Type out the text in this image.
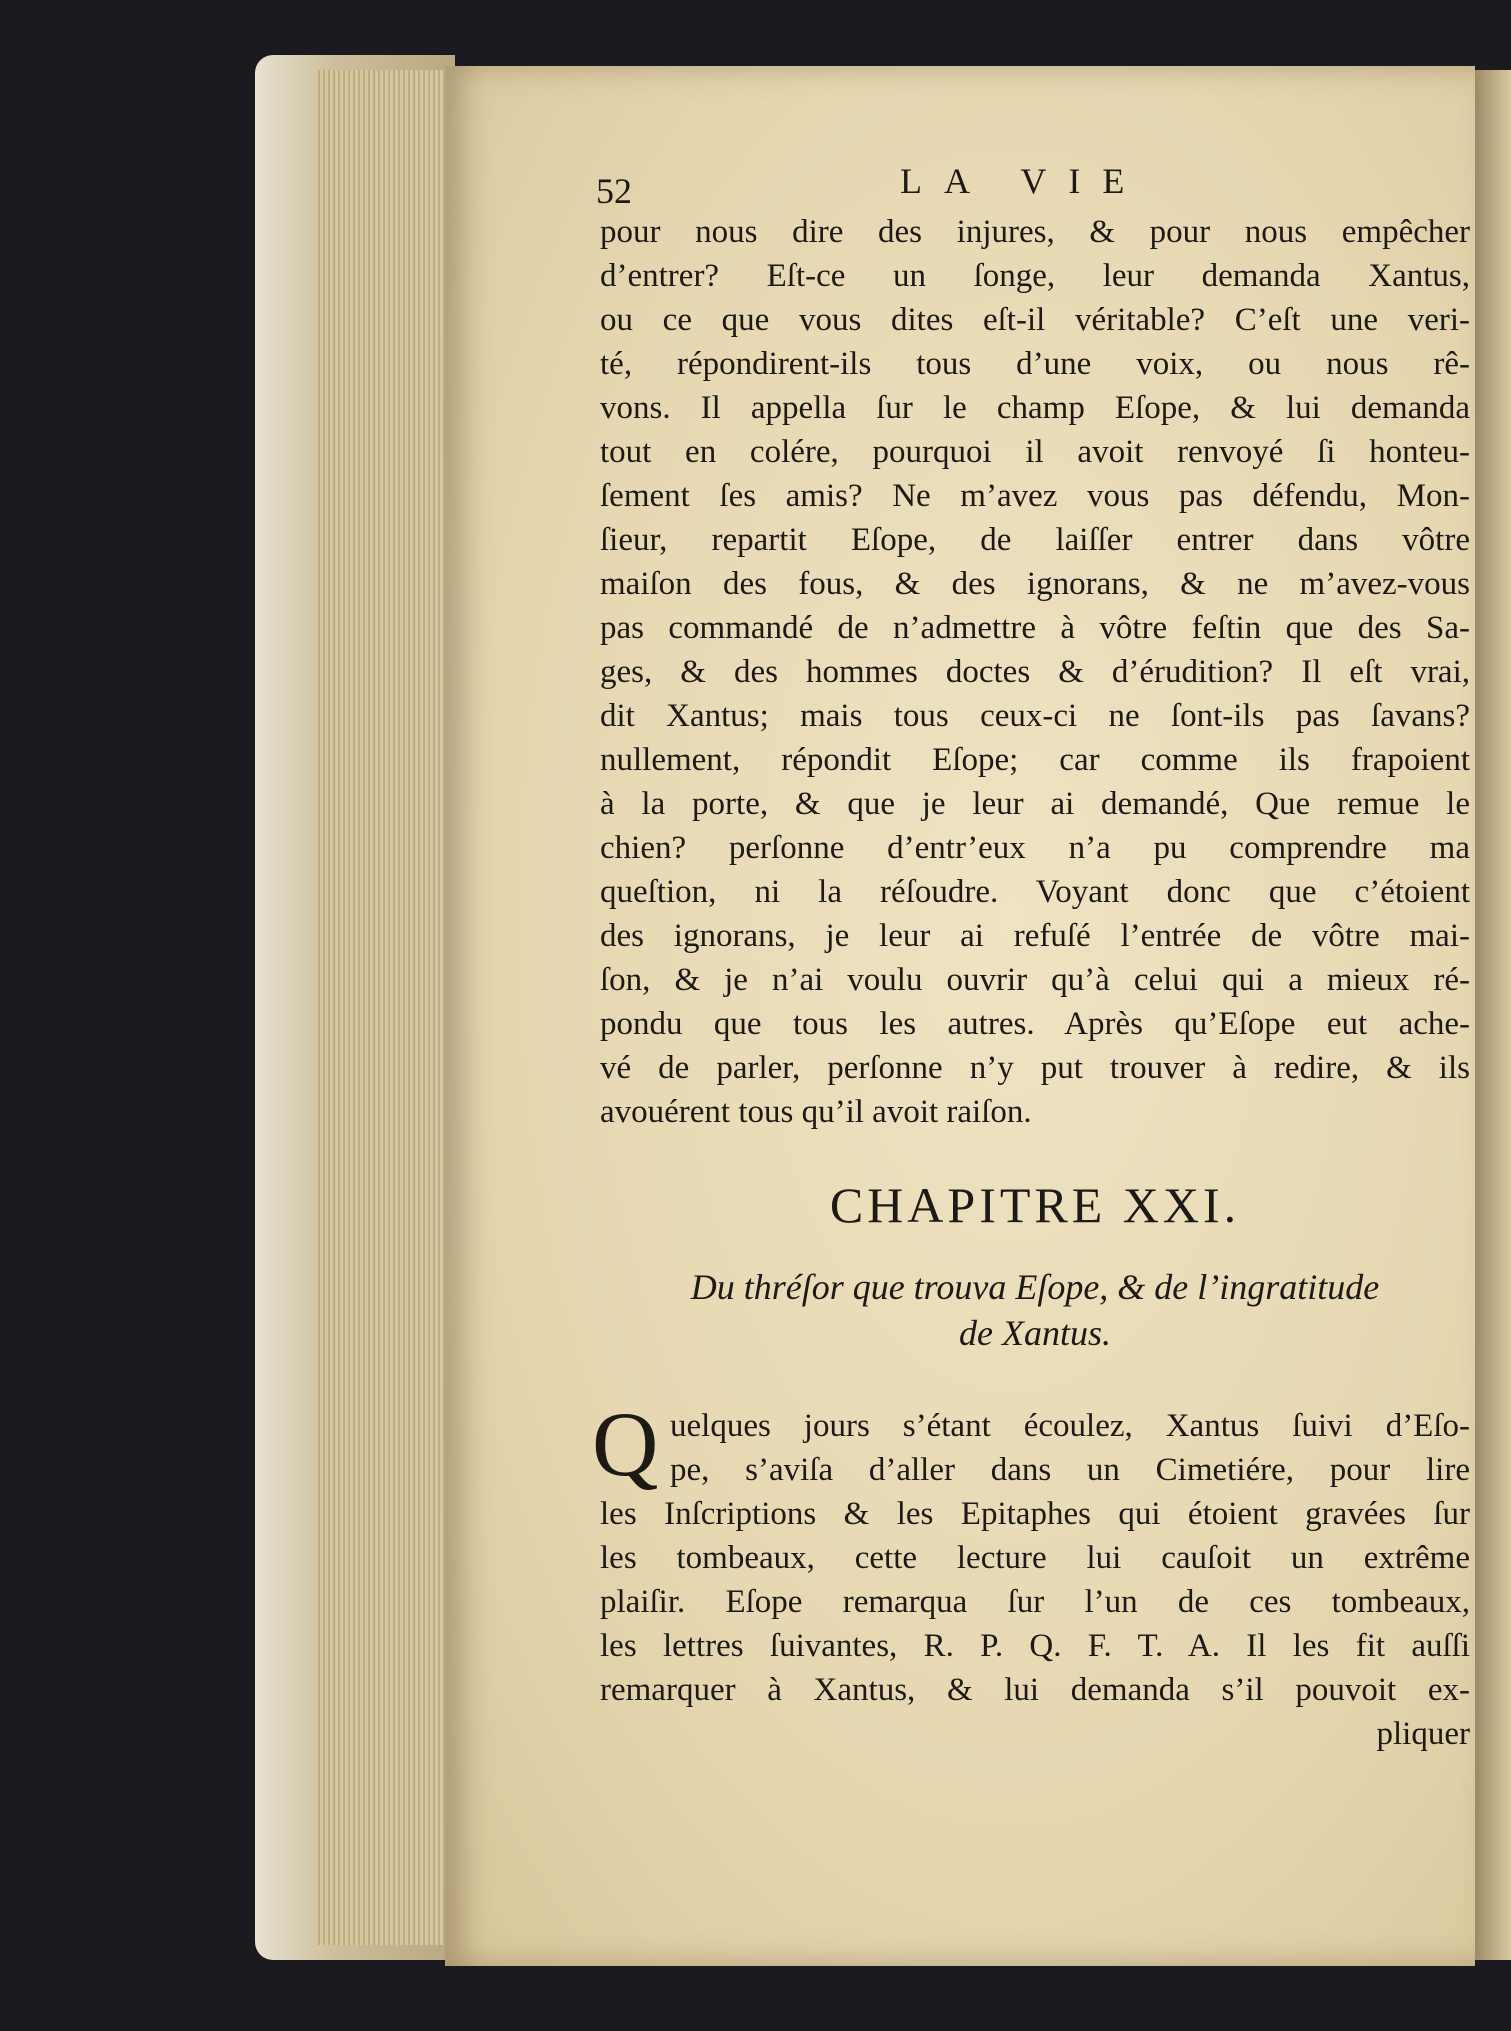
52	LA VIE
pour nous dire des injures, & pour nous empêcher
d’entrer? Eſt-ce un ſonge, leur demanda Xantus,
ou ce que vous dites eſt-il véritable? C’eſt une veri-
té, répondirent-ils tous d’une voix, ou nous rê-
vons. Il appella ſur le champ Eſope, & lui demanda
tout en colére, pourquoi il avoit renvoyé ſi honteu-
ſement ſes amis? Ne m’avez vous pas défendu, Mon-
ſieur, repartit Eſope, de laiſſer entrer dans vôtre
maiſon des fous, & des ignorans, & ne m’avez-vous
pas commandé de n’admettre à vôtre feſtin que des Sa-
ges, & des hommes doctes & d’érudition? Il eſt vrai,
dit Xantus; mais tous ceux-ci ne ſont-ils pas ſavans?
nullement, répondit Eſope; car comme ils frapoient
à la porte, & que je leur ai demandé, Que remue le
chien? perſonne d’entr’eux n’a pu comprendre ma
queſtion, ni la réſoudre. Voyant donc que c’étoient
des ignorans, je leur ai refuſé l’entrée de vôtre mai-
ſon, & je n’ai voulu ouvrir qu’à celui qui a mieux ré-
pondu que tous les autres. Après qu’Eſope eut ache-
vé de parler, perſonne n’y put trouver à redire, & ils
avouérent tous qu’il avoit raiſon.
CHAPITRE XXI.
Du thréſor que trouva Eſope, & de l’ingratitude
de Xantus.
Q uelques jours s’étant écoulez, Xantus ſuivi d’Eſo-
pe, s’aviſa d’aller dans un Cimetiére, pour lire
les Inſcriptions & les Epitaphes qui étoient gravées ſur
les tombeaux, cette lecture lui cauſoit un extrême
plaiſir. Eſope remarqua ſur l’un de ces tombeaux,
les lettres ſuivantes, R. P. Q. F. T. A. Il les fit auſſi
remarquer à Xantus, & lui demanda s’il pouvoit ex-
pliquer
